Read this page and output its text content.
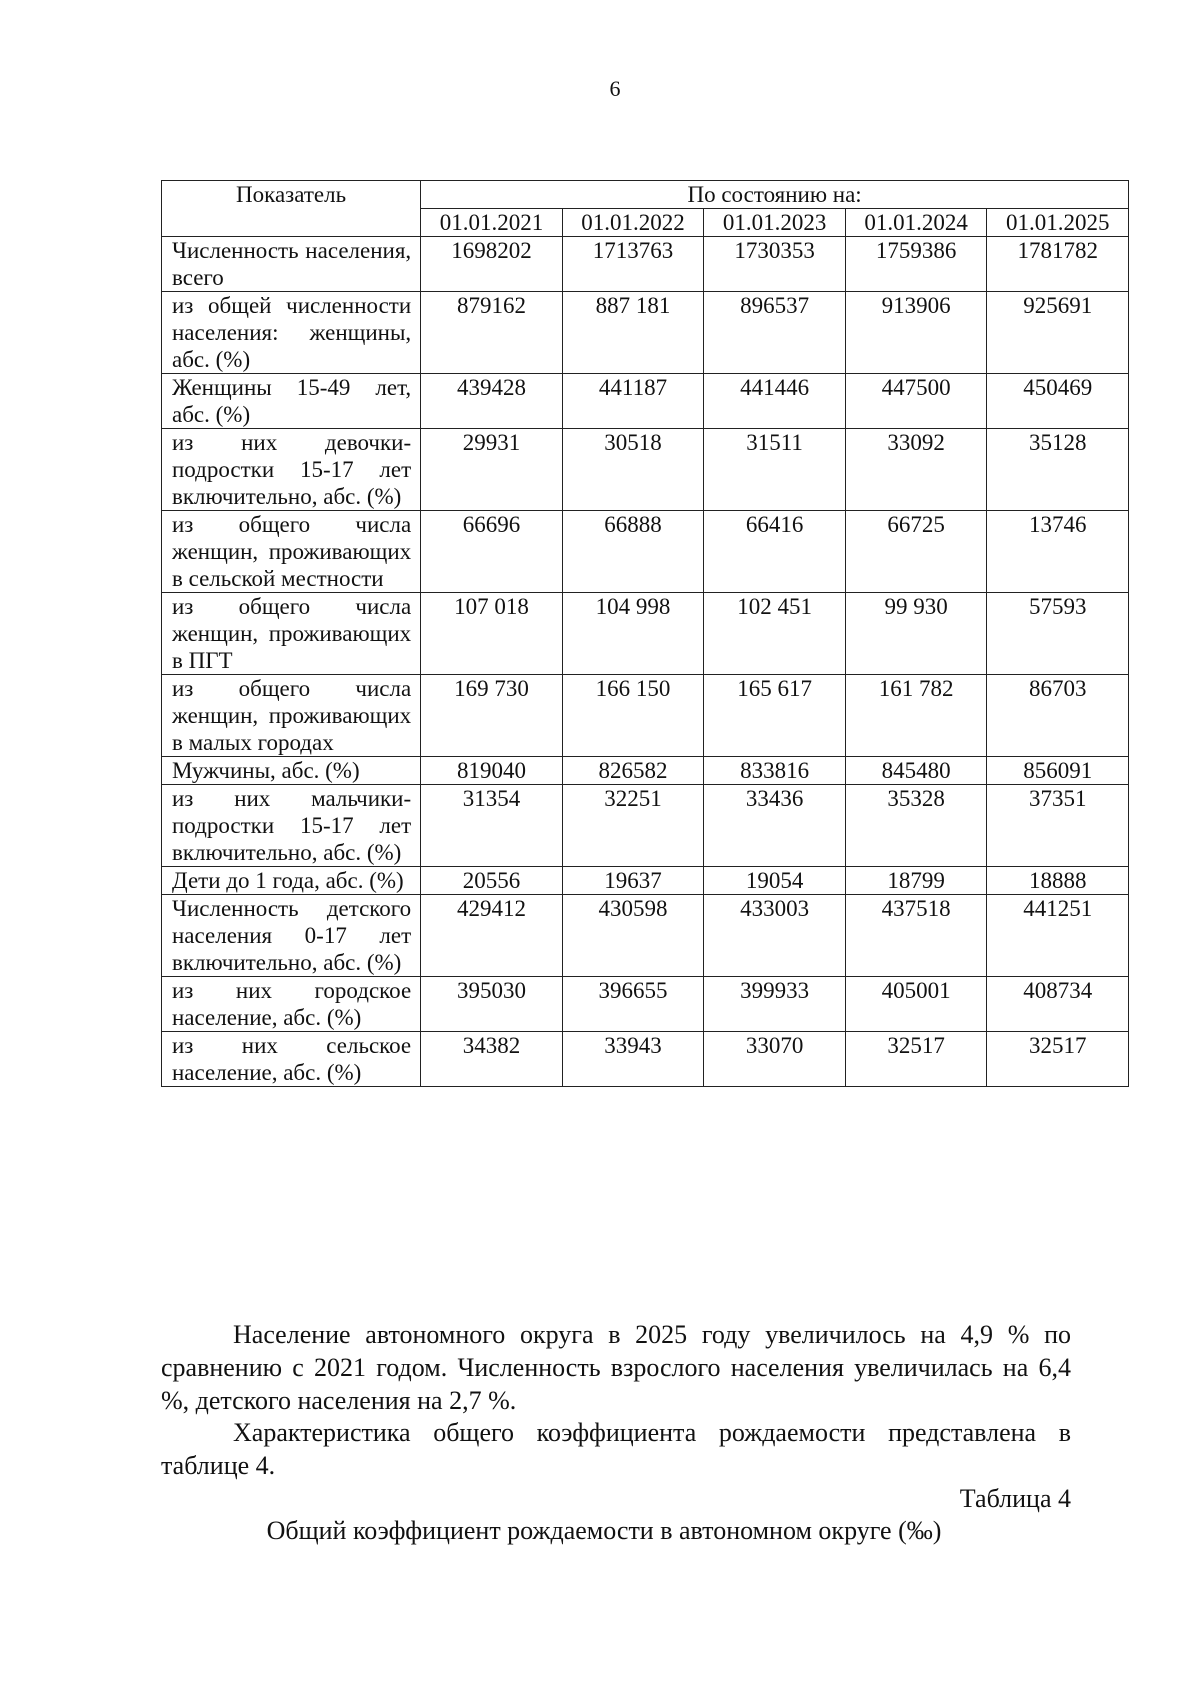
6
Показатель	По состоянию на:				
	01.01.2021	01.01.2022	01.01.2023	01.01.2024	01.01.2025
Численность населения, всего	1698202	1713763	1730353	1759386	1781782
из общей численности населения: женщины, абс. (%)	879162	887 181	896537	913906	925691
Женщины 15-49 лет, абс. (%)	439428	441187	441446	447500	450469
из них девочки-подростки 15-17 лет включительно, абс. (%)	29931	30518	31511	33092	35128
из общего числа женщин, проживающих в сельской местности	66696	66888	66416	66725	13746
из общего числа женщин, проживающих в ПГТ	107 018	104 998	102 451	99 930	57593
из общего числа женщин, проживающих в малых городах	169 730	166 150	165 617	161 782	86703
Мужчины, абс. (%)	819040	826582	833816	845480	856091
из них мальчики-подростки 15-17 лет включительно, абс. (%)	31354	32251	33436	35328	37351
Дети до 1 года, абс. (%)	20556	19637	19054	18799	18888
Численность детского населения 0-17 лет включительно, абс. (%)	429412	430598	433003	437518	441251
из них городское население, абс. (%)	395030	396655	399933	405001	408734
из них сельское население, абс. (%)	34382	33943	33070	32517	32517

Население автономного округа в 2025 году увеличилось на 4,9 % по сравнению с 2021 годом. Численность взрослого населения увеличилась на 6,4 %, детского населения на 2,7 %.

Характеристика общего коэффициента рождаемости представлена в таблице 4.

Таблица 4
Общий коэффициент рождаемости в автономном округе (‰)
